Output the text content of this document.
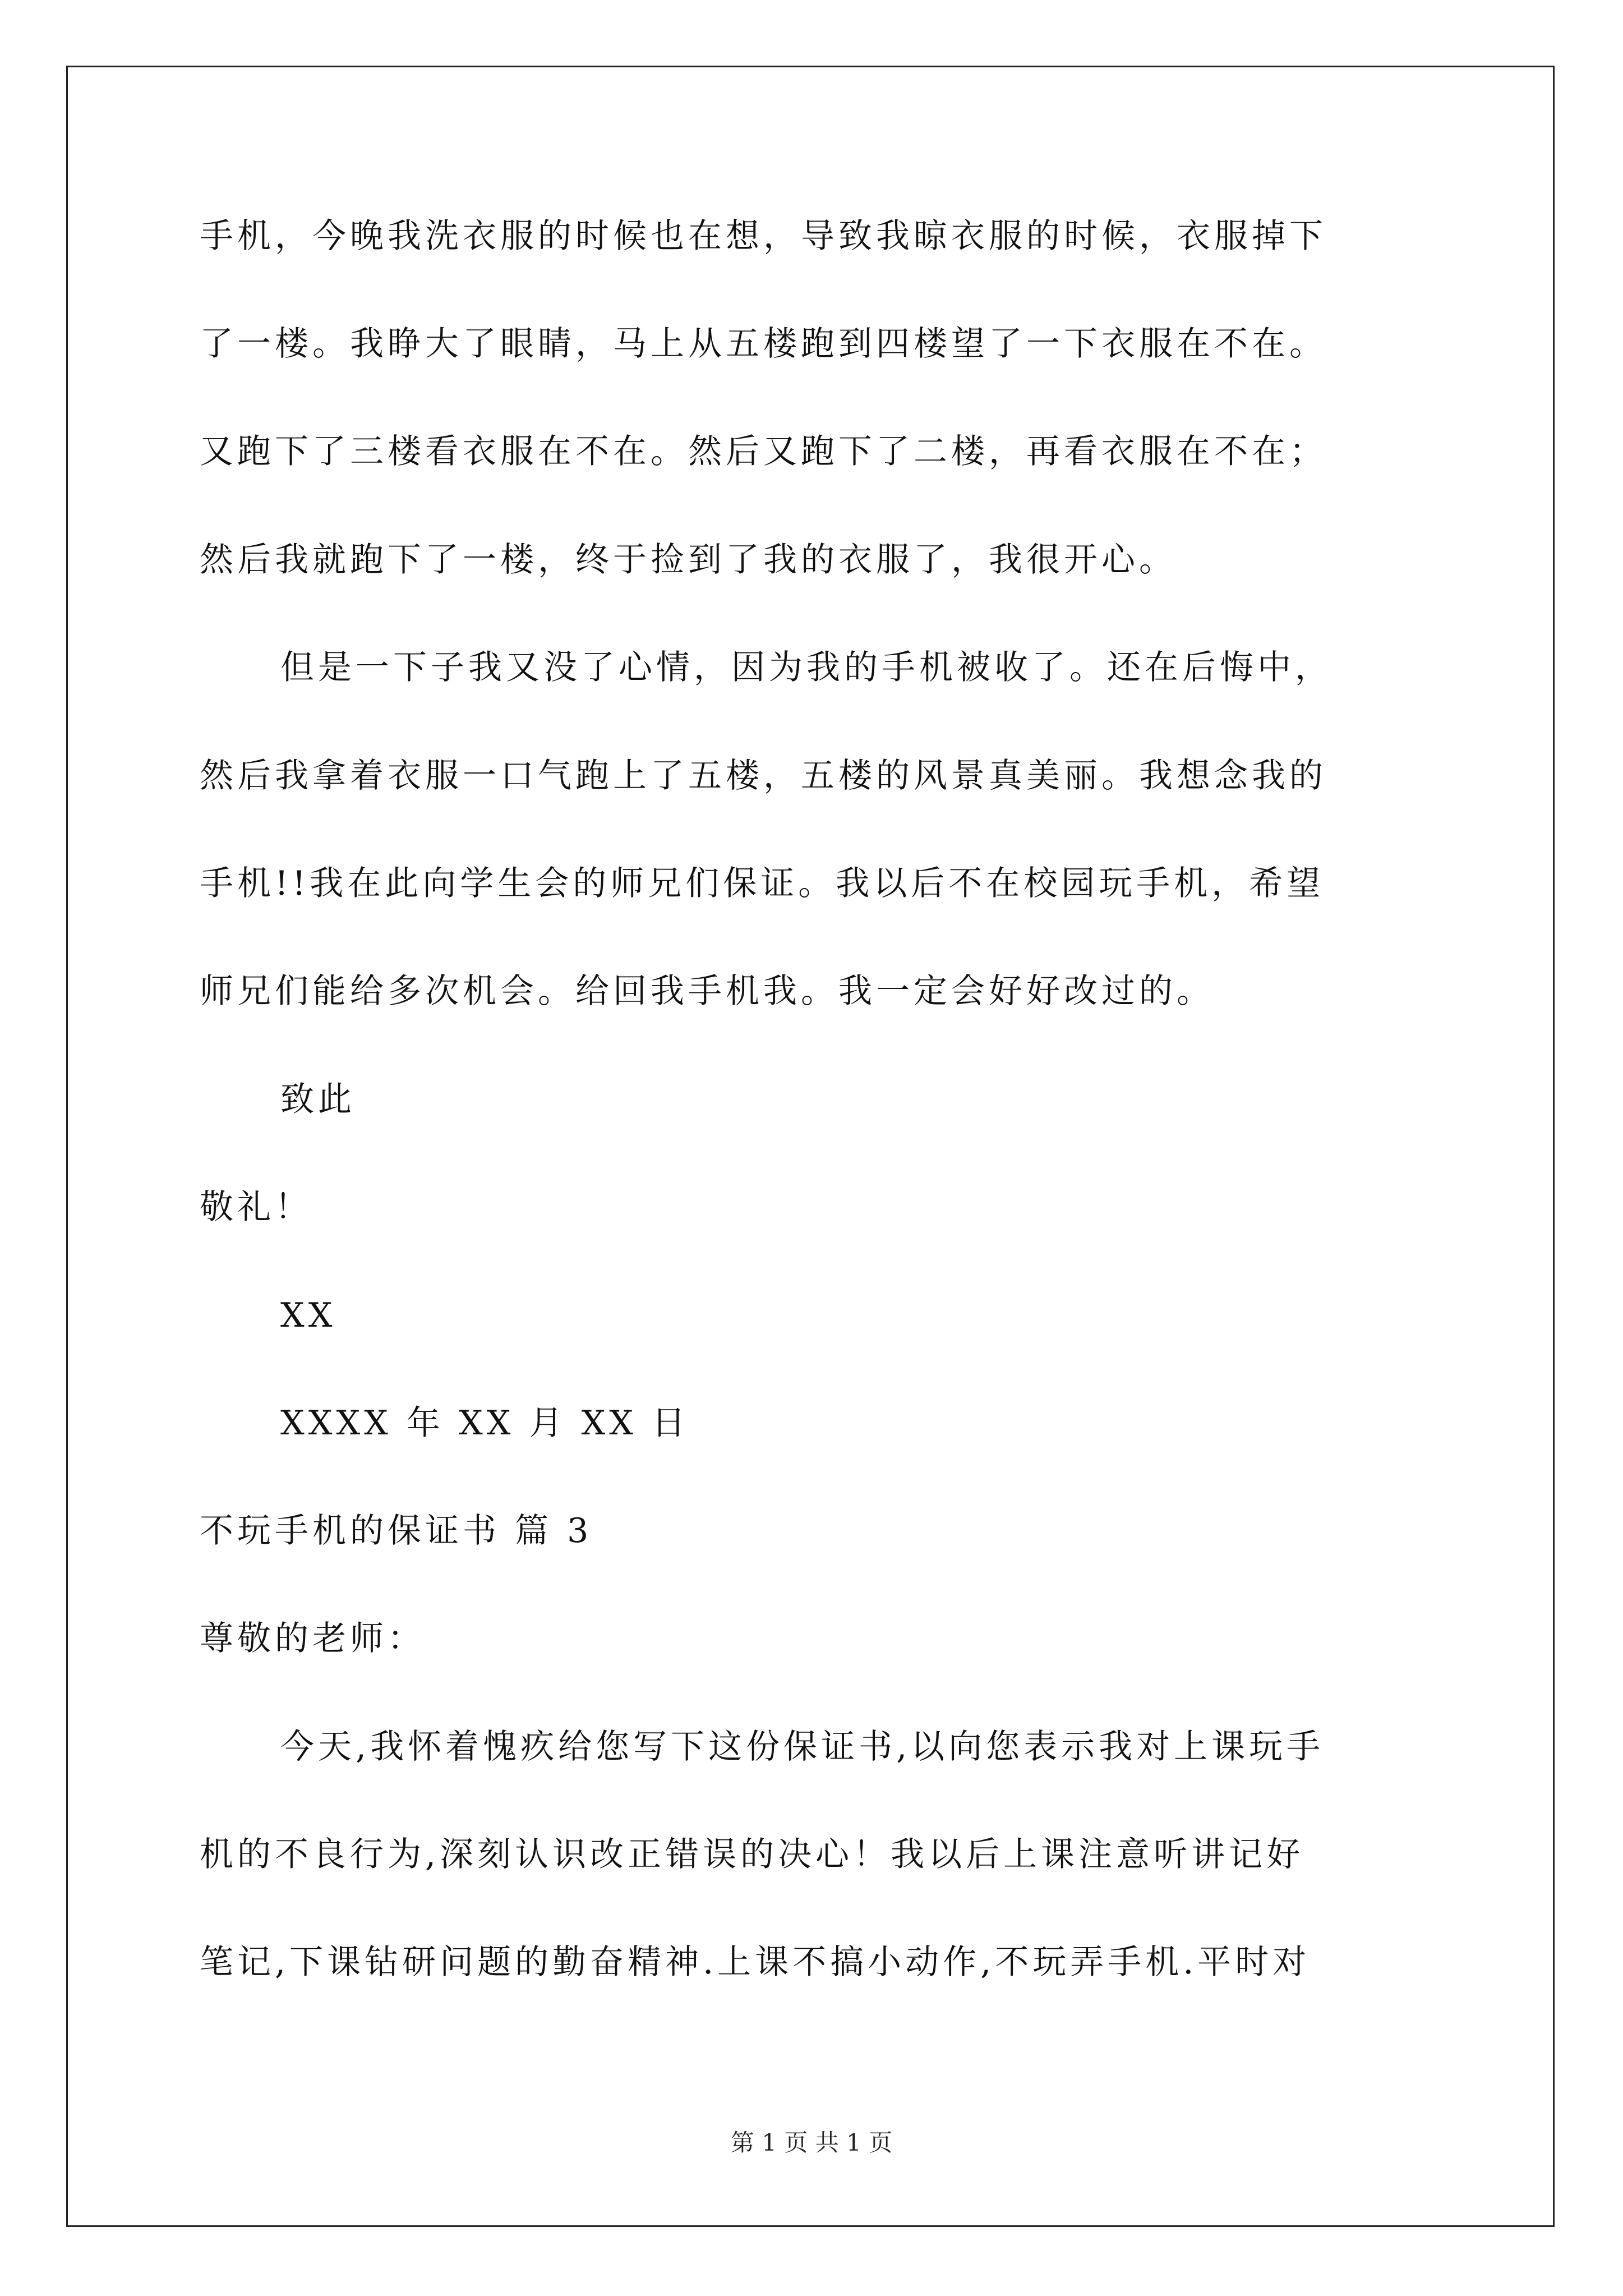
手机，今晚我洗衣服的时候也在想，导致我晾衣服的时候，衣服掉下
了一楼。我睁大了眼睛，马上从五楼跑到四楼望了一下衣服在不在。
又跑下了三楼看衣服在不在。然后又跑下了二楼，再看衣服在不在；
然后我就跑下了一楼，终于捡到了我的衣服了，我很开心。
但是一下子我又没了心情，因为我的手机被收了。还在后悔中，
然后我拿着衣服一口气跑上了五楼，五楼的风景真美丽。我想念我的
手机!!我在此向学生会的师兄们保证。我以后不在校园玩手机，希望
师兄们能给多次机会。给回我手机我。我一定会好好改过的。
致此
敬礼！
XX
XXXX 年 XX 月 XX 日
不玩手机的保证书 篇 3
尊敬的老师：
今天,我怀着愧疚给您写下这份保证书,以向您表示我对上课玩手
机的不良行为,深刻认识改正错误的决心！我以后上课注意听讲记好
笔记,下课钻研问题的勤奋精神.上课不搞小动作,不玩弄手机.平时对
第 1 页 共 1 页
